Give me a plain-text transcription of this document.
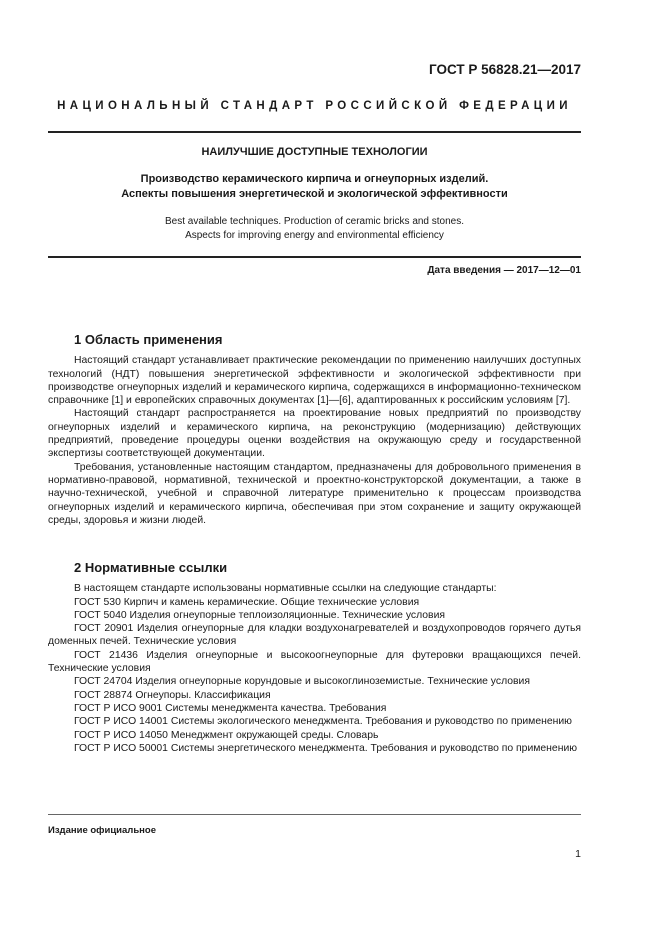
ГОСТ Р 56828.21—2017
НАЦИОНАЛЬНЫЙ СТАНДАРТ РОССИЙСКОЙ ФЕДЕРАЦИИ

НАИЛУЧШИЕ ДОСТУПНЫЕ ТЕХНОЛОГИИ

Производство керамического кирпича и огнеупорных изделий.
Аспекты повышения энергетической и экологической эффективности

Best available techniques. Production of ceramic bricks and stones.
Aspects for improving energy and environmental efficiency

Дата введения — 2017—12—01
1 Область применения

Настоящий стандарт устанавливает практические рекомендации по применению наилучших доступных технологий (НДТ) повышения энергетической эффективности и экологической эффективности при производстве огнеупорных изделий и керамического кирпича, содержащихся в информационно-техническом справочнике [1] и европейских справочных документах [1]—[6], адаптированных к российским условиям [7].

Настоящий стандарт распространяется на проектирование новых предприятий по производству огнеупорных изделий и керамического кирпича, на реконструкцию (модернизацию) действующих предприятий, проведение процедуры оценки воздействия на окружающую среду и государственной экспертизы соответствующей документации.

Требования, установленные настоящим стандартом, предназначены для добровольного применения в нормативно-правовой, нормативной, технической и проектно-конструкторской документации, а также в научно-технической, учебной и справочной литературе применительно к процессам производства огнеупорных изделий и керамического кирпича, обеспечивая при этом сохранение и защиту окружающей среды, здоровья и жизни людей.

2 Нормативные ссылки

В настоящем стандарте использованы нормативные ссылки на следующие стандарты:

ГОСТ 530 Кирпич и камень керамические. Общие технические условия

ГОСТ 5040 Изделия огнеупорные теплоизоляционные. Технические условия

ГОСТ 20901 Изделия огнеупорные для кладки воздухонагревателей и воздухопроводов горячего дутья доменных печей. Технические условия

ГОСТ 21436 Изделия огнеупорные и высокоогнеупорные для футеровки вращающихся печей. Технические условия

ГОСТ 24704 Изделия огнеупорные корундовые и высокоглиноземистые. Технические условия

ГОСТ 28874 Огнеупоры. Классификация

ГОСТ Р ИСО 9001 Системы менеджмента качества. Требования

ГОСТ Р ИСО 14001 Системы экологического менеджмента. Требования и руководство по применению

ГОСТ Р ИСО 14050 Менеджмент окружающей среды. Словарь

ГОСТ Р ИСО 50001 Системы энергетического менеджмента. Требования и руководство по применению

Издание официальное
1
